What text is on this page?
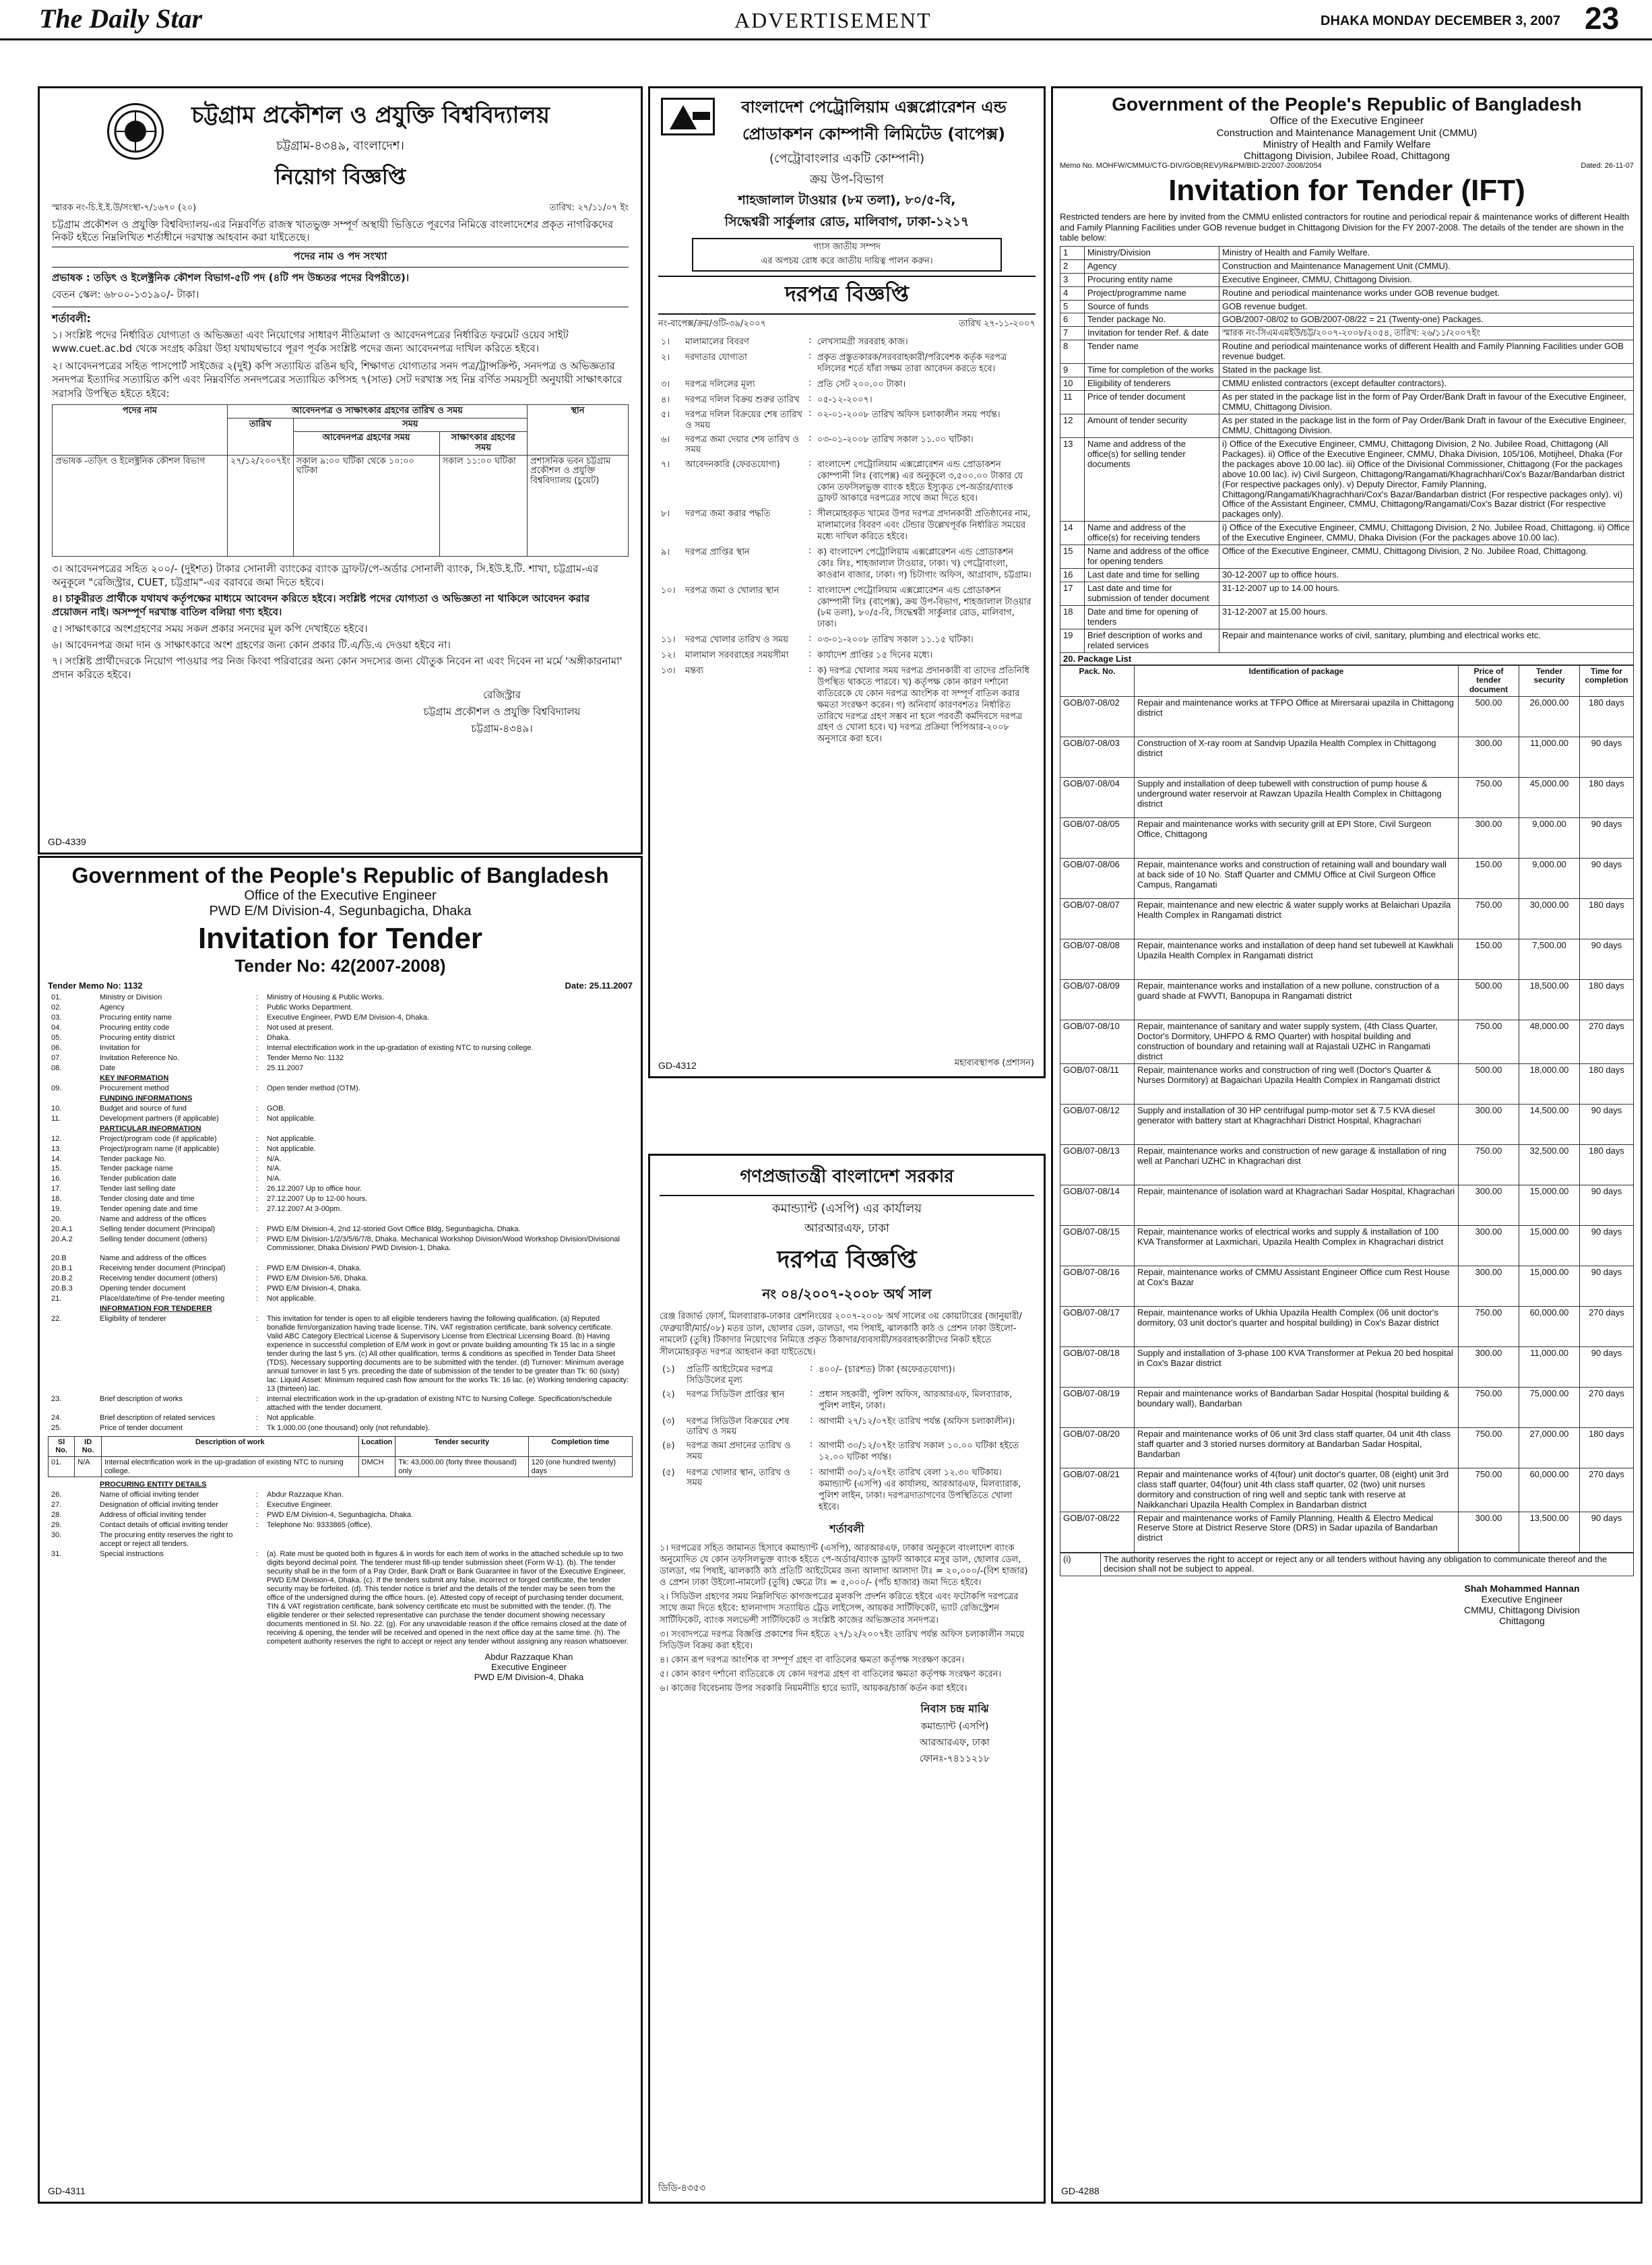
The Daily Star	ADVERTISEMENT	DHAKA MONDAY DECEMBER 3, 2007 23
চট্টগ্রাম প্রকৌশল ও প্রযুক্তি বিশ্ববিদ্যালয়
চট্টগ্রাম-৪৩৪৯, বাংলাদেশ।
নিয়োগ বিজ্ঞপ্তি
স্মারক নং-চি.ই.ই.উ/সংস্থা-৭/১৬৭০ (২০)	তারিখ: ২৭/১১/০৭ ইং
চট্টগ্রাম প্রকৌশল ও প্রযুক্তি বিশ্ববিদ্যালয়-এর নিম্নবর্ণিত রাজস্ব খাতভুক্ত সম্পূর্ণ অস্থায়ী ভিত্তিতে পূরণের নিমিত্তে বাংলাদেশের প্রকৃত নাগরিকদের নিকট হইতে নিম্নলিখিত শর্তাধীনে দরখাস্ত আহবান করা যাইতেছে।
পদের নাম ও পদ সংখ্যা
প্রভাষক : তড়িৎ ও ইলেক্ট্রনিক কৌশল বিভাগ-৫টি পদ (৪টি পদ উচ্চতর পদের বিপরীতে)।
বেতন স্কেল: ৬৮০০-১৩১৯০/- টাকা।
শর্তাবলী:
১। সংশ্লিষ্ট পদের নির্ধারিত যোগ্যতা ও অভিজ্ঞতা এবং নিয়োগের সাধারণ নীতিমালা ও আবেদনপত্রের নির্ধারিত ফরমেট ওয়েব সাইট www.cuet.ac.bd থেকে সংগ্রহ করিয়া উহা যথাযথভাবে পূরণ পূর্বক সংশ্লিষ্ট পদের জন্য আবেদনপত্র দাখিল করিতে হইবে।
২। আবেদনপত্রের সহিত পাসপোর্ট সাইজের ২(দুই) কপি সত্যায়িত রঙিন ছবি, শিক্ষাগত যোগ্যতার সনদ পত্র/ট্রান্সক্রিপ্ট, সনদপত্র ও অভিজ্ঞতার সনদপত্র ইত্যাদির সত্যায়িত কপি এবং নিম্নবর্ণিত সনদপত্রের সত্যায়িত কপিসহ ৭(সাত) সেট দরখাস্ত সহ নিম্ন বর্ণিত সময়সূচী অনুযায়ী সাক্ষাৎকারে সরাসরি উপস্থিত হইতে হইবে:
পদের নাম	আবেদনপত্র ও সাক্ষাৎকার গ্রহণের তারিখ ও সময়			স্থান
	তারিখ	সময়		
		আবেদনপত্র গ্রহণের সময়	সাক্ষাৎকার গ্রহণের সময়	
প্রভাষক -তড়িৎ ও ইলেক্ট্রনিক কৌশল বিভাগ	২৭/১২/২০০৭ইং	সকাল ৯:০০ ঘটিকা থেকে ১০:০০ ঘটিকা	সকাল ১১:০০ ঘটিকা	প্রশাসনিক ভবন চট্টগ্রাম প্রকৌশল ও প্রযুক্তি বিশ্ববিদ্যালয় (চুয়েট)
৩। আবেদনপত্রের সহিত ২০০/- (দুইশত) টাকার সোনালী ব্যাংকের ব্যাংক ড্রাফট/পে-অর্ডার সোনালী ব্যাংক, সি.ইউ.ই.টি. শাখা, চট্টগ্রাম-এর অনুকূলে "রেজিস্ট্রার, CUET, চট্টগ্রাম"-এর বরাবরে জমা দিতে হইবে।
৪। চাকুরীরত প্রার্থীকে যথাযথ কর্তৃপক্ষের মাধ্যমে আবেদন করিতে হইবে। সংশ্লিষ্ট পদের যোগ্যতা ও অভিজ্ঞতা না থাকিলে আবেদন করার প্রয়োজন নাই। অসম্পূর্ণ দরখাস্ত বাতিল বলিয়া গণ্য হইবে।
৫। সাক্ষাৎকারে অংশগ্রহণের সময় সকল প্রকার সনদের মূল কপি দেখাইতে হইবে।
৬। আবেদনপত্র জমা দান ও সাক্ষাৎকারে অংশ গ্রহণের জন্য কোন প্রকার টি.এ/ডি.এ দেওয়া হইবে না।
৭। সংশ্লিষ্ট প্রার্থীদেরকে নিয়োগ পাওয়ার পর নিজ কিংবা পরিবারের অন্য কোন সদস্যের জন্য যৌতুক নিবেন না এবং দিবেন না মর্মে 'অঙ্গীকারনামা' প্রদান করিতে হইবে।
রেজিস্ট্রার
চট্টগ্রাম প্রকৌশল ও প্রযুক্তি বিশ্ববিদ্যালয়
চট্টগ্রাম-৪৩৪৯।
GD-4339
Government of the People's Republic of Bangladesh
Office of the Executive Engineer
PWD E/M Division-4, Segunbagicha, Dhaka
Invitation for Tender
Tender No: 42(2007-2008)
Tender Memo No: 1132	Date: 25.11.2007
01.	Ministry or Division	:	Ministry of Housing & Public Works.
02.	Agency	:	Public Works Department.
03.	Procuring entity name	:	Executive Engineer, PWD E/M Division-4, Dhaka.
04.	Procuring entity code	:	Not used at present.
05.	Procuring entity district	:	Dhaka.
06.	Invitation for	:	Internal electrification work in the up-gradation of existing NTC to nursing college.
07.	Invitation Reference No.	:	Tender Memo No: 1132
08.	Date	:	25.11.2007
	KEY INFORMATION		
09.	Procurement method	:	Open tender method (OTM).
	FUNDING INFORMATIONS		
10.	Budget and source of fund	:	GOB.
11.	Development partners (if applicable)	:	Not applicable.
	PARTICULAR INFORMATION		
12.	Project/program code (if applicable)	:	Not applicable.
13.	Project/program name (if applicable)	:	Not applicable.
14.	Tender package No.	:	N/A.
15.	Tender package name	:	N/A.
16.	Tender publication date	:	N/A.
17.	Tender last selling date	:	26.12.2007 Up to office hour.
18.	Tender closing date and time	:	27.12.2007 Up to 12-00 hours.
19.	Tender opening date and time	:	27.12.2007 At 3-00pm.
20.	Name and address of the offices		
20.A.1	Selling tender document (Principal)	:	PWD E/M Division-4, 2nd 12-storied Govt Office Bldg, Segunbagicha, Dhaka.
20.A.2	Selling tender document (others)	:	PWD E/M Division-1/2/3/5/6/7/8, Dhaka. Mechanical Workshop Division/Wood Workshop Division/Divisional Commissioner, Dhaka Division/ PWD Division-1, Dhaka.
20.B	Name and address of the offices		
20.B.1	Receiving tender document (Principal)	:	PWD E/M Division-4, Dhaka.
20.B.2	Receiving tender document (others)	:	PWD E/M Division-5/6, Dhaka.
20.B.3	Opening tender document	:	PWD E/M Division-4, Dhaka.
21.	Place/date/time of Pre-tender meeting	:	Not applicable.
	INFORMATION FOR TENDERER		
22.	Eligibility of tenderer	:	This invitation for tender is open to all eligible tenderers having the following qualification. (a) Reputed bonafide firm/organization having trade license, TIN, VAT registration certificate, bank solvency certificate. Valid ABC Category Electrical License & Supervisory License from Electrical Licensing Board. (b) Having experience in successful completion of E/M work in govt or private building amounting Tk 15 lac in a single tender during the last 5 yrs. (c) All other qualification, terms & conditions as specified in Tender Data Sheet (TDS). Necessary supporting documents are to be submitted with the tender. (d) Turnover: Minimum average annual turnover in last 5 yrs. preceding the date of submission of the tender to be greater than Tk: 60 (sixty) lac. Liquid Asset: Minimum required cash flow amount for the works Tk: 16 lac. (e) Working tendering capacity: 13 (thirteen) lac.
23.	Brief description of works	:	Internal electrification work in the up-gradation of existing NTC to Nursing College. Specification/schedule attached with the tender document.
24.	Brief description of related services	:	Not applicable.
25.	Price of tender document	:	Tk 1,000.00 (one thousand) only (not refundable).
Sl No.	ID No.	Description of work	Location	Tender security	Completion time
01.	N/A	Internal electrification work in the up-gradation of existing NTC to nursing college.	DMCH	Tk: 43,000.00 (forty three thousand) only	120 (one hundred twenty) days
	PROCURING ENTITY DETAILS		
26.	Name of official inviting tender	:	Abdur Razzaque Khan.
27.	Designation of official inviting tender	:	Executive Engineer.
28.	Address of official inviting tender	:	PWD E/M Division-4, Segunbagicha, Dhaka.
29.	Contact details of official inviting tender	:	Telephone No: 9333865 (office).
30.	The procuring entity reserves the right to accept or reject all tenders.		
31.	Special instructions	:	(a). Rate must be quoted both in figures & in words for each item of works in the attached schedule up to two digits beyond decimal point. The tenderer must fill-up tender submission sheet (Form W-1). (b). The tender security shall be in the form of a Pay Order, Bank Draft or Bank Guarantee in favor of the Executive Engineer, PWD E/M Division-4, Dhaka. (c). If the tenders submit any false, incorrect or forged certificate, the tender security may be forfeited. (d). This tender notice is brief and the details of the tender may be seen from the office of the undersigned during the office hours. (e). Attested copy of receipt of purchasing tender document, TIN & VAT registration certificate, bank solvency certificate etc must be submitted with the tender. (f). The eligible tenderer or their selected representative can purchase the tender document showing necessary documents mentioned in Sl. No. 22. (g). For any unavoidable reason if the office remains closed at the date of receiving & opening, the tender will be received and opened in the next office day at the same time. (h). The competent authority reserves the right to accept or reject any tender without assigning any reason whatsoever.
Abdur Razzaque Khan
Executive Engineer
PWD E/M Division-4, Dhaka
GD-4311
বাংলাদেশ পেট্রোলিয়াম এক্সপ্লোরেশন এন্ড
প্রোডাকশন কোম্পানী লিমিটেড (বাপেক্স)
(পেট্রোবাংলার একটি কোম্পানী)
ক্রয় উপ-বিভাগ
শাহজালাল টাওয়ার (৮ম তলা), ৮০/৫-বি,
সিদ্ধেশ্বরী সার্কুলার রোড, মালিবাগ, ঢাকা-১২১৭
গ্যাস জাতীয় সম্পদ
এর অপচয় রোধ করে জাতীয় দায়িত্ব পালন করুন।
দরপত্র বিজ্ঞপ্তি
নং-বাপেক্স/ক্রয়/ওটি-৩৯/২০০৭	তারিখ ২৭-১১-২০০৭
১।	মালামালের বিবরণ	:	লেখসামগ্রী সরবরাহ কাজ।
২।	দরদাতার যোগ্যতা	:	প্রকৃত প্রস্তুতকারক/সরবরাহকারী/পরিবেশক কর্তৃক দরপত্র দলিলের শর্তে যাঁরা সক্ষম তারা আবেদন করতে হবে।
৩।	দরপত্র দলিলের মূল্য	:	প্রতি সেট ২০০.০০ টাকা।
৪।	দরপত্র দলিল বিক্রয় শুরুর তারিখ	:	০৫-১২-২০০৭।
৫।	দরপত্র দলিল বিক্রয়ের শেষ তারিখ ও সময়	:	০২-০১-২০০৮ তারিখ অফিস চলাকালীন সময় পর্যন্ত।
৬।	দরপত্র জমা দেয়ার শেষ তারিখ ও সময়	:	০৩-০১-২০০৮ তারিখ সকাল ১১.০০ ঘটিকা।
৭।	আবেদনকারি (ফেরতযোগ্য)	:	বাংলাদেশ পেট্রোলিয়াম এক্সপ্লোরেশন এন্ড প্রোডাকশন কোম্পানী লিঃ (বাপেক্স) এর অনুকূলে ৩,৫০০.০০ টাকার যে কোন তফসিলভুক্ত ব্যাংক হইতে ইস্যুকৃত পে-অর্ডার/ব্যাংক ড্রাফট আকারে দরপত্রের সাথে জমা দিতে হবে।
৮।	দরপত্র জমা করার পদ্ধতি	:	সীলমোহরকৃত খামের উপর দরপত্র প্রদানকারী প্রতিষ্ঠানের নাম, মালামালের বিবরণ এবং টেন্ডার উল্লেখপূর্বক নির্ধারিত সময়ের মধ্যে দাখিল করিতে হইবে।
৯।	দরপত্র প্রাপ্তির স্থান	:	ক) বাংলাদেশ পেট্রোলিয়াম এক্সপ্লোরেশন এন্ড প্রোডাকশন কোঃ লিঃ, শাহজালাল টাওয়ার, ঢাকা। খ) পেট্রোবাংলা, কাওরান বাজার, ঢাকা। গ) চিটাগাং অফিস, আগ্রাবাদ, চট্টগ্রাম।
১০।	দরপত্র জমা ও খোলার স্থান	:	বাংলাদেশ পেট্রোলিয়াম এক্সপ্লোরেশন এন্ড প্রোডাকশন কোম্পানী লিঃ (বাপেক্স), ক্রয় উপ-বিভাগ, শাহজালাল টাওয়ার (৮ম তলা), ৮০/৫-বি, সিদ্ধেশ্বরী সার্কুলার রোড, মালিবাগ, ঢাকা।
১১।	দরপত্র খোলার তারিখ ও সময়	:	০৩-০১-২০০৮ তারিখ সকাল ১১.১৫ ঘটিকা।
১২।	মালামাল সরবরাহের সময়সীমা	:	কার্যাদেশ প্রাপ্তির ১৫ দিনের মধ্যে।
১৩।	মন্তব্য	:	ক) দরপত্র খোলার সময় দরপত্র প্রদানকারী বা তাদের প্রতিনিধি উপস্থিত থাকতে পারবে। খ) কর্তৃপক্ষ কোন কারণ দর্শানো ব্যতিরেকে যে কোন দরপত্র আংশিক বা সম্পূর্ণ বাতিল করার ক্ষমতা সংরক্ষণ করেন। গ) অনিবার্য কারণবশতঃ নির্ধারিত তারিখে দরপত্র গ্রহণ সম্ভব না হলে পরবর্তী কর্মদিবসে দরপত্র গ্রহণ ও খোলা হবে। ঘ) দরপত্র প্রক্রিয়া পিপিআর-২০০৮ অনুসারে করা হবে।
মহাব্যবস্থাপক (প্রশাসন)
GD-4312
গণপ্রজাতন্ত্রী বাংলাদেশ সরকার
কমান্ড্যান্ট (এসপি) এর কার্যালয়
আরআরএফ, ঢাকা
দরপত্র বিজ্ঞপ্তি
নং ০৪/২০০৭-২০০৮ অর্থ সাল
রেঞ্জ রিজার্ভ ফোর্স, মিলব্যারাক-ঢাকার রেশনিংয়ের ২০০৭-২০০৮ অর্থ সালের ৩য় কোয়াটারের (জানুয়ারী/ফেব্রুয়ারী/মার্চ/০৮) মতর ডাল, ছোলার ডেল, ডালডা, গম পিষাই, ঝালকাঠি কাঠ ও প্রেশন ঢাকা উইলো-নামলেট (তুষি) টিকাদার নিয়োগের নিমিত্তে প্রকৃত ঠিকাদার/ব্যবসায়ী/সরবরাহকারীদের নিকট হইতে সীলমোহরকৃত দরপত্র আহবান করা যাইতেছে।
(১)	প্রতিটি আইটেমের দরপত্র সিডিউলের মূল্য	:	৪০০/- (চারশত) টাকা (অফেরতযোগ্য)।
(২)	দরপত্র সিডিউল প্রাপ্তির স্থান	:	প্রধান সহকারী, পুলিশ অফিস, আরআরএফ, মিলব্যারাক, পুলিশ লাইন, ঢাকা।
(৩)	দরপত্র সিডিউল বিক্রয়ের শেষ তারিখ ও সময়	:	আগামী ২৭/১২/০৭ইং তারিখ পর্যন্ত (অফিস চলাকালীন)।
(৪)	দরপত্র জমা প্রদানের তারিখ ও সময়	:	আগামী ৩০/১২/০৭ইং তারিখ সকাল ১০.০০ ঘটিকা হইতে ১২.০০ ঘটিকা পর্যন্ত।
(৫)	দরপত্র খোলার স্থান, তারিখ ও সময়	:	আগামী ৩০/১২/০৭ইং তারিখ বেলা ১২.৩০ ঘটিকায়। কমান্ড্যান্ট (এসপি) এর কার্যালয়, আরআরএফ, মিলব্যারাক, পুলিশ লাইন, ঢাকা। দরপত্রদাতাগণের উপস্থিতিতে খোলা হইবে।
শর্তাবলী
১। দরপত্রের সহিত জামানত হিসাবে কমান্ড্যান্ট (এসপি), আরআরএফ, ঢাকার অনুকূলে বাংলাদেশ ব্যাংক অনুমোদিত যে কোন তফসিলভুক্ত ব্যাংক হইতে পে-অর্ডার/ব্যাংক ড্রাফট আকারে মসুর ডাল, ছোলার ডেল, ডালডা, গম পিষাই, ঝালকাঠি কাঠ প্রতিটি আইটেমের জন্য আলাদা আলাদা টাঃ = ২০,০০০/-(বিশ হাজার) ও প্রেশন ঢাকা উইলো-নামলেট (তুষি) ক্ষেত্রে টাঃ = ৫,০০০/- (পাঁচ হাজার) জমা দিতে হইবে।
২। সিডিউল গ্রহণের সময় নিম্নলিখিত কাগজপত্রের মূলকপি প্রদর্শন করিতে হইবে এবং ফটোকপি দরপত্রের সাথে জমা দিতে হইবে: হালনাগাদ সত্যায়িত ট্রেড লাইসেন্স, আয়কর সার্টিফিকেট, ভ্যাট রেজিস্ট্রেশন সার্টিফিকেট, ব্যাংক সলভেন্সী সার্টিফিকেট ও সংশ্লিষ্ট কাজের অভিজ্ঞতার সনদপত্র।
৩। সংবাদপত্রে দরপত্র বিজ্ঞপ্তি প্রকাশের দিন হইতে ২৭/১২/২০০৭ইং তারিখ পর্যন্ত অফিস চলাকালীন সময়ে সিডিউল বিক্রয় করা হইবে।
৪। কোন রূপ দরপত্র আংশিক বা সম্পূর্ণ গ্রহণ বা বাতিলের ক্ষমতা কর্তৃপক্ষ সংরক্ষণ করেন।
৫। কোন কারণ দর্শানো ব্যতিরেকে যে কোন দরপত্র গ্রহণ বা বাতিলের ক্ষমতা কর্তৃপক্ষ সংরক্ষণ করেন।
৬। কাজের বিবেচনায় উপর সরকারি নিয়মনীতি হারে ভ্যাট, আয়কর/চার্জ কর্তন করা হইবে।
নিবাস চন্দ্র মাঝি
কমান্ড্যান্ট (এসপি)
আরআরএফ, ঢাকা
ফোনঃ-৭৪১১২১৮
ডিডি-৪৩৫৩
Government of the People's Republic of Bangladesh
Office of the Executive Engineer
Construction and Maintenance Management Unit (CMMU)
Ministry of Health and Family Welfare
Chittagong Division, Jubilee Road, Chittagong
Memo No. MOHFW/CMMU/CTG-DIV/GOB(REV)/R&PM/BID-2/2007-2008/2054	Dated: 26-11-07
Invitation for Tender (IFT)
Restricted tenders are here by invited from the CMMU enlisted contractors for routine and periodical repair & maintenance works of different Health and Family Planning Facilities under GOB revenue budget in Chittagong Division for the FY 2007-2008. The details of the tender are shown in the table below:
1	Ministry/Division	Ministry of Health and Family Welfare.
2	Agency	Construction and Maintenance Management Unit (CMMU).
3	Procuring entity name	Executive Engineer, CMMU, Chittagong Division.
4	Project/programme name	Routine and periodical maintenance works under GOB revenue budget.
5	Source of funds	GOB revenue budget.
6	Tender package No.	GOB/2007-08/02 to GOB/2007-08/22 = 21 (Twenty-one) Packages.
7	Invitation for tender Ref. & date	স্মারক নং-সিএমএমইউ/চট্ট/২০০৭-২০০৮/২০৫৪, তারিখ: ২৬/১১/২০০৭ইং
8	Tender name	Routine and periodical maintenance works of different Health and Family Planning Facilities under GOB revenue budget.
9	Time for completion of the works	Stated in the package list.
10	Eligibility of tenderers	CMMU enlisted contractors (except defaulter contractors).
11	Price of tender document	As per stated in the package list in the form of Pay Order/Bank Draft in favour of the Executive Engineer, CMMU, Chittagong Division.
12	Amount of tender security	As per stated in the package list in the form of Pay Order/Bank Draft in favour of the Executive Engineer, CMMU, Chittagong Division.
13	Name and address of the office(s) for selling tender documents	i) Office of the Executive Engineer, CMMU, Chittagong Division, 2 No. Jubilee Road, Chittagong (All Packages). ii) Office of the Executive Engineer, CMMU, Dhaka Division, 105/106, Motijheel, Dhaka (For the packages above 10.00 lac). iii) Office of the Divisional Commissioner, Chittagong (For the packages above 10.00 lac). iv) Civil Surgeon, Chittagong/Rangamati/Khagrachhari/Cox's Bazar/Bandarban district (For respective packages only). v) Deputy Director, Family Planning, Chittagong/Rangamati/Khagrachhari/Cox's Bazar/Bandarban district (For respective packages only). vi) Office of the Assistant Engineer, CMMU, Chittagong/Rangamati/Cox's Bazar district (For respective packages only).
14	Name and address of the office(s) for receiving tenders	i) Office of the Executive Engineer, CMMU, Chittagong Division, 2 No. Jubilee Road, Chittagong. ii) Office of the Executive Engineer, CMMU, Dhaka Division (For the packages above 10.00 lac).
15	Name and address of the office for opening tenders	Office of the Executive Engineer, CMMU, Chittagong Division, 2 No. Jubilee Road, Chittagong.
16	Last date and time for selling	30-12-2007 up to office hours.
17	Last date and time for submission of tender document	31-12-2007 up to 14.00 hours.
18	Date and time for opening of tenders	31-12-2007 at 15.00 hours.
19	Brief description of works and related services	Repair and maintenance works of civil, sanitary, plumbing and electrical works etc.
20. Package List
Pack. No.	Identification of package	Price of tender document	Tender security	Time for completion
GOB/07-08/02	Repair and maintenance works at TFPO Office at Mirersarai upazila in Chittagong district	500.00	26,000.00	180 days
GOB/07-08/03	Construction of X-ray room at Sandvip Upazila Health Complex in Chittagong district	300.00	11,000.00	90 days
GOB/07-08/04	Supply and installation of deep tubewell with construction of pump house & underground water reservoir at Rawzan Upazila Health Complex in Chittagong district	750.00	45,000.00	180 days
GOB/07-08/05	Repair and maintenance works with security grill at EPI Store, Civil Surgeon Office, Chittagong	300.00	9,000.00	90 days
GOB/07-08/06	Repair, maintenance works and construction of retaining wall and boundary wall at back side of 10 No. Staff Quarter and CMMU Office at Civil Surgeon Office Campus, Rangamati	150.00	9,000.00	90 days
GOB/07-08/07	Repair, maintenance and new electric & water supply works at Belaichari Upazila Health Complex in Rangamati district	750.00	30,000.00	180 days
GOB/07-08/08	Repair, maintenance works and installation of deep hand set tubewell at Kawkhali Upazila Health Complex in Rangamati district	150.00	7,500.00	90 days
GOB/07-08/09	Repair, maintenance works and installation of a new pollune, construction of a guard shade at FWVTI, Banopupa in Rangamati district	500.00	18,500.00	180 days
GOB/07-08/10	Repair, maintenance of sanitary and water supply system, (4th Class Quarter, Doctor's Dormitory, UHFPO & RMO Quarter) with hospital building and construction of boundary and retaining wall at Rajastali UZHC in Rangamati district	750.00	48,000.00	270 days
GOB/07-08/11	Repair, maintenance works and construction of ring well (Doctor's Quarter & Nurses Dormitory) at Bagaichari Upazila Health Complex in Rangamati district	500.00	18,000.00	180 days
GOB/07-08/12	Supply and installation of 30 HP centrifugal pump-motor set & 7.5 KVA diesel generator with battery start at Khagrachhari District Hospital, Khagrachari	300.00	14,500.00	90 days
GOB/07-08/13	Repair, maintenance works and construction of new garage & installation of ring well at Panchari UZHC in Khagrachari dist	750.00	32,500.00	180 days
GOB/07-08/14	Repair, maintenance of isolation ward at Khagrachari Sadar Hospital, Khagrachari	300.00	15,000.00	90 days
GOB/07-08/15	Repair, maintenance works of electrical works and supply & installation of 100 KVA Transformer at Laxmichari, Upazila Health Complex in Khagrachari district	300.00	15,000.00	90 days
GOB/07-08/16	Repair, maintenance works of CMMU Assistant Engineer Office cum Rest House at Cox's Bazar	300.00	15,000.00	90 days
GOB/07-08/17	Repair, maintenance works of Ukhia Upazila Health Complex (06 unit doctor's dormitory, 03 unit doctor's quarter and hospital building) in Cox's Bazar district	750.00	60,000.00	270 days
GOB/07-08/18	Supply and installation of 3-phase 100 KVA Transformer at Pekua 20 bed hospital in Cox's Bazar district	300.00	11,000.00	90 days
GOB/07-08/19	Repair and maintenance works of Bandarban Sadar Hospital (hospital building & boundary wall), Bandarban	750.00	75,000.00	270 days
GOB/07-08/20	Repair and maintenance works of 06 unit 3rd class staff quarter, 04 unit 4th class staff quarter and 3 storied nurses dormitory at Bandarban Sadar Hospital, Bandarban	750.00	27,000.00	180 days
GOB/07-08/21	Repair and maintenance works of 4(four) unit doctor's quarter, 08 (eight) unit 3rd class staff quarter, 04(four) unit 4th class staff quarter, 02 (two) unit nurses dormitory and construction of ring well and septic tank with reserve at Naikkanchari Upazila Health Complex in Bandarban district	750.00	60,000.00	270 days
GOB/07-08/22	Repair and maintenance works of Family Planning, Health & Electro Medical Reserve Store at District Reserve Store (DRS) in Sadar upazila of Bandarban district	300.00	13,500.00	90 days
(i)	The authority reserves the right to accept or reject any or all tenders without having any obligation to communicate thereof and the decision shall not be subject to appeal.
Shah Mohammed Hannan
Executive Engineer
CMMU, Chittagong Division
Chittagong
GD-4288
